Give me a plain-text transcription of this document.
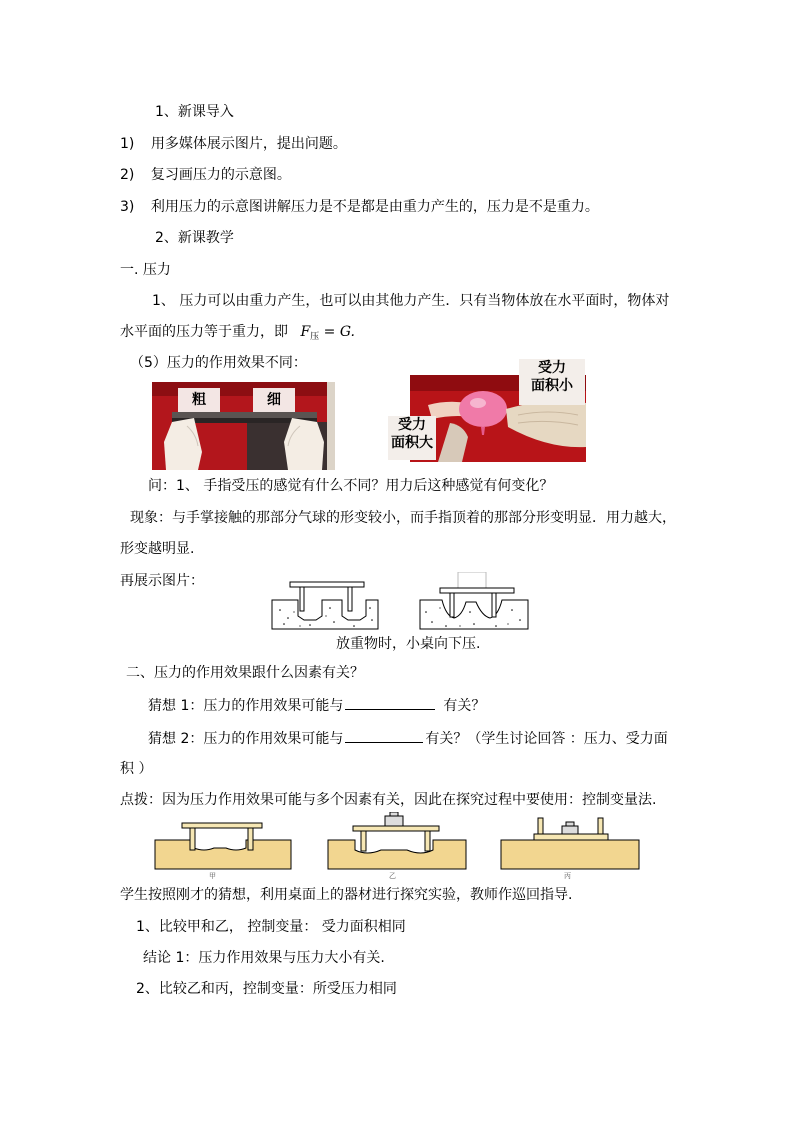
1、新课导入
1) 用多媒体展示图片，提出问题。
2) 复习画压力的示意图。
3) 利用压力的示意图讲解压力是不是都是由重力产生的，压力是不是重力。
2、新课教学
一. 压力
1、 压力可以由重力产生，也可以由其他力产生．只有当物体放在水平面时，物体对
水平面的压力等于重力，即 $F_压 = G$.
（5）压力的作用效果不同：
粗	细
受力
面积小
受力
面积大
问：1、 手指受压的感觉有什么不同？用力后这种感觉有何变化？
现象：与手掌接触的那部分气球的形变较小，而手指顶着的那部分形变明显．用力越大，
形变越明显.
再展示图片：
放重物时，小桌向下压.
二、压力的作用效果跟什么因素有关？
猜想 1：压力的作用效果可能与	有关？
猜想 2：压力的作用效果可能与	有关？（学生讨论回答 ：压力、受力面
积 ）
点拨：因为压力作用效果可能与多个因素有关，因此在探究过程中要使用：控制变量法.
甲	乙	丙
学生按照刚才的猜想，利用桌面上的器材进行探究实验，教师作巡回指导.
1、比较甲和乙， 控制变量： 受力面积相同
结论 1：压力作用效果与压力大小有关.
2、比较乙和丙，控制变量：所受压力相同
